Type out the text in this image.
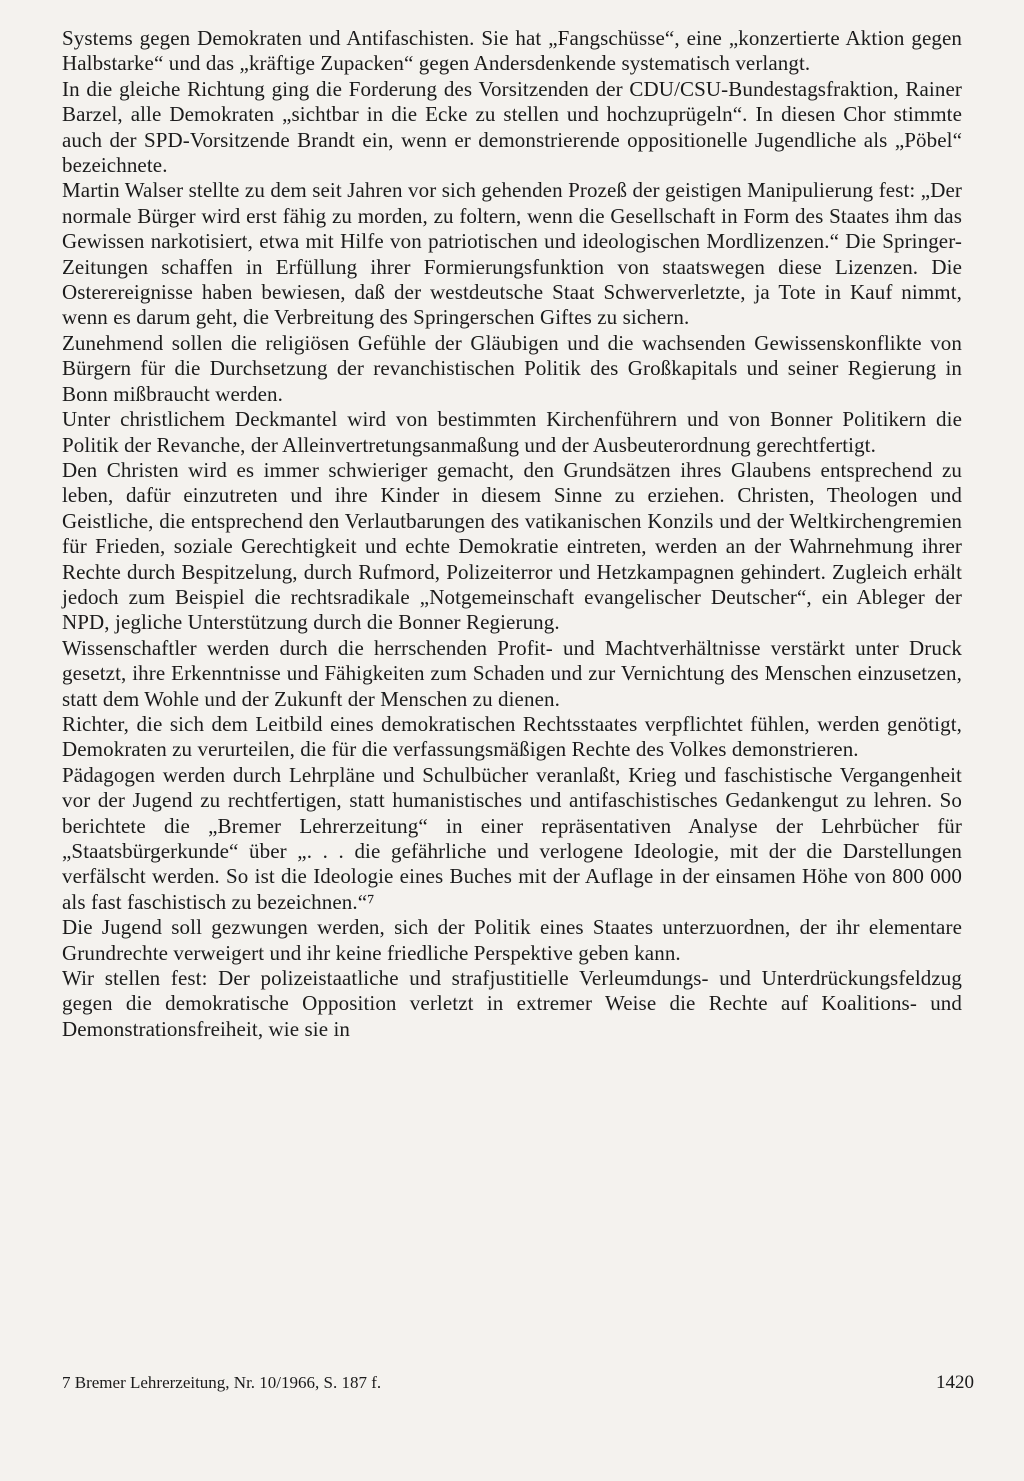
Systems gegen Demokraten und Antifaschisten. Sie hat „Fangschüsse“, eine „konzertierte Aktion gegen Halbstarke“ und das „kräftige Zupacken“ gegen Andersdenkende systematisch verlangt.

In die gleiche Richtung ging die Forderung des Vorsitzenden der CDU/CSU-Bundestagsfraktion, Rainer Barzel, alle Demokraten „sichtbar in die Ecke zu stellen und hochzuprügeln“. In diesen Chor stimmte auch der SPD-Vorsitzende Brandt ein, wenn er demonstrierende oppositionelle Jugendliche als „Pöbel“ bezeichnete.

Martin Walser stellte zu dem seit Jahren vor sich gehenden Prozeß der geistigen Manipulierung fest: „Der normale Bürger wird erst fähig zu morden, zu foltern, wenn die Gesellschaft in Form des Staates ihm das Gewissen narkotisiert, etwa mit Hilfe von patriotischen und ideologischen Mordlizenzen.“ Die Springer-Zeitungen schaffen in Erfüllung ihrer Formierungsfunktion von staatswegen diese Lizenzen. Die Osterereignisse haben bewiesen, daß der westdeutsche Staat Schwerverletzte, ja Tote in Kauf nimmt, wenn es darum geht, die Verbreitung des Springerschen Giftes zu sichern.

Zunehmend sollen die religiösen Gefühle der Gläubigen und die wachsenden Gewissenskonflikte von Bürgern für die Durchsetzung der revanchistischen Politik des Großkapitals und seiner Regierung in Bonn mißbraucht werden.

Unter christlichem Deckmantel wird von bestimmten Kirchenführern und von Bonner Politikern die Politik der Revanche, der Alleinvertretungsanmaßung und der Ausbeuterordnung gerechtfertigt.

Den Christen wird es immer schwieriger gemacht, den Grundsätzen ihres Glaubens entsprechend zu leben, dafür einzutreten und ihre Kinder in diesem Sinne zu erziehen. Christen, Theologen und Geistliche, die entsprechend den Verlautbarungen des vatikanischen Konzils und der Weltkirchengremien für Frieden, soziale Gerechtigkeit und echte Demokratie eintreten, werden an der Wahrnehmung ihrer Rechte durch Bespitzelung, durch Rufmord, Polizeiterror und Hetzkampagnen gehindert. Zugleich erhält jedoch zum Beispiel die rechtsradikale „Notgemeinschaft evangelischer Deutscher“, ein Ableger der NPD, jegliche Unterstützung durch die Bonner Regierung.

Wissenschaftler werden durch die herrschenden Profit- und Machtverhältnisse verstärkt unter Druck gesetzt, ihre Erkenntnisse und Fähigkeiten zum Schaden und zur Vernichtung des Menschen einzusetzen, statt dem Wohle und der Zukunft der Menschen zu dienen.

Richter, die sich dem Leitbild eines demokratischen Rechtsstaates verpflichtet fühlen, werden genötigt, Demokraten zu verurteilen, die für die verfassungsmäßigen Rechte des Volkes demonstrieren.

Pädagogen werden durch Lehrpläne und Schulbücher veranlaßt, Krieg und faschistische Vergangenheit vor der Jugend zu rechtfertigen, statt humanistisches und antifaschistisches Gedankengut zu lehren. So berichtete die „Bremer Lehrerzeitung“ in einer repräsentativen Analyse der Lehrbücher für „Staatsbürgerkunde“ über „. . . die gefährliche und verlogene Ideologie, mit der die Darstellungen verfälscht werden. So ist die Ideologie eines Buches mit der Auflage in der einsamen Höhe von 800 000 als fast faschistisch zu bezeichnen.“⁷

Die Jugend soll gezwungen werden, sich der Politik eines Staates unterzuordnen, der ihr elementare Grundrechte verweigert und ihr keine friedliche Perspektive geben kann.

Wir stellen fest: Der polizeistaatliche und strafjustitielle Verleumdungs- und Unterdrückungsfeldzug gegen die demokratische Opposition verletzt in extremer Weise die Rechte auf Koalitions- und Demonstrationsfreiheit, wie sie in

7 Bremer Lehrerzeitung, Nr. 10/1966, S. 187 f.	1420
